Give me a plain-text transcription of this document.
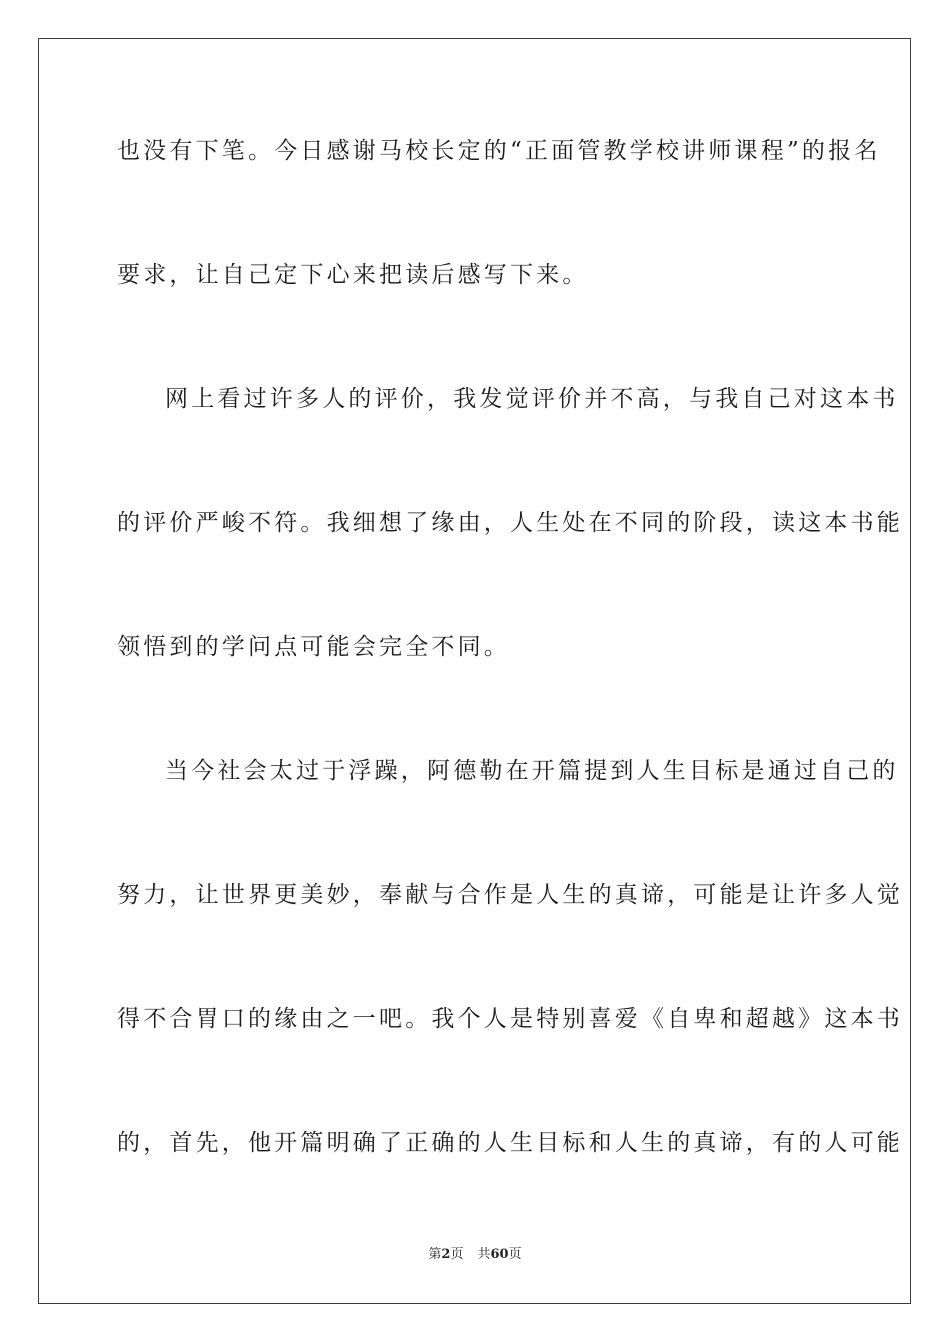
也没有下笔。今日感谢马校长定的“正面管教学校讲师课程”的报名
要求，让自己定下心来把读后感写下来。
网上看过许多人的评价，我发觉评价并不高，与我自己对这本书
的评价严峻不符。我细想了缘由，人生处在不同的阶段，读这本书能
领悟到的学问点可能会完全不同。
当今社会太过于浮躁，阿德勒在开篇提到人生目标是通过自己的
努力，让世界更美妙，奉献与合作是人生的真谛，可能是让许多人觉
得不合胃口的缘由之一吧。我个人是特别喜爱《自卑和超越》这本书
的，首先，他开篇明确了正确的人生目标和人生的真谛，有的人可能
第2页 共60页
